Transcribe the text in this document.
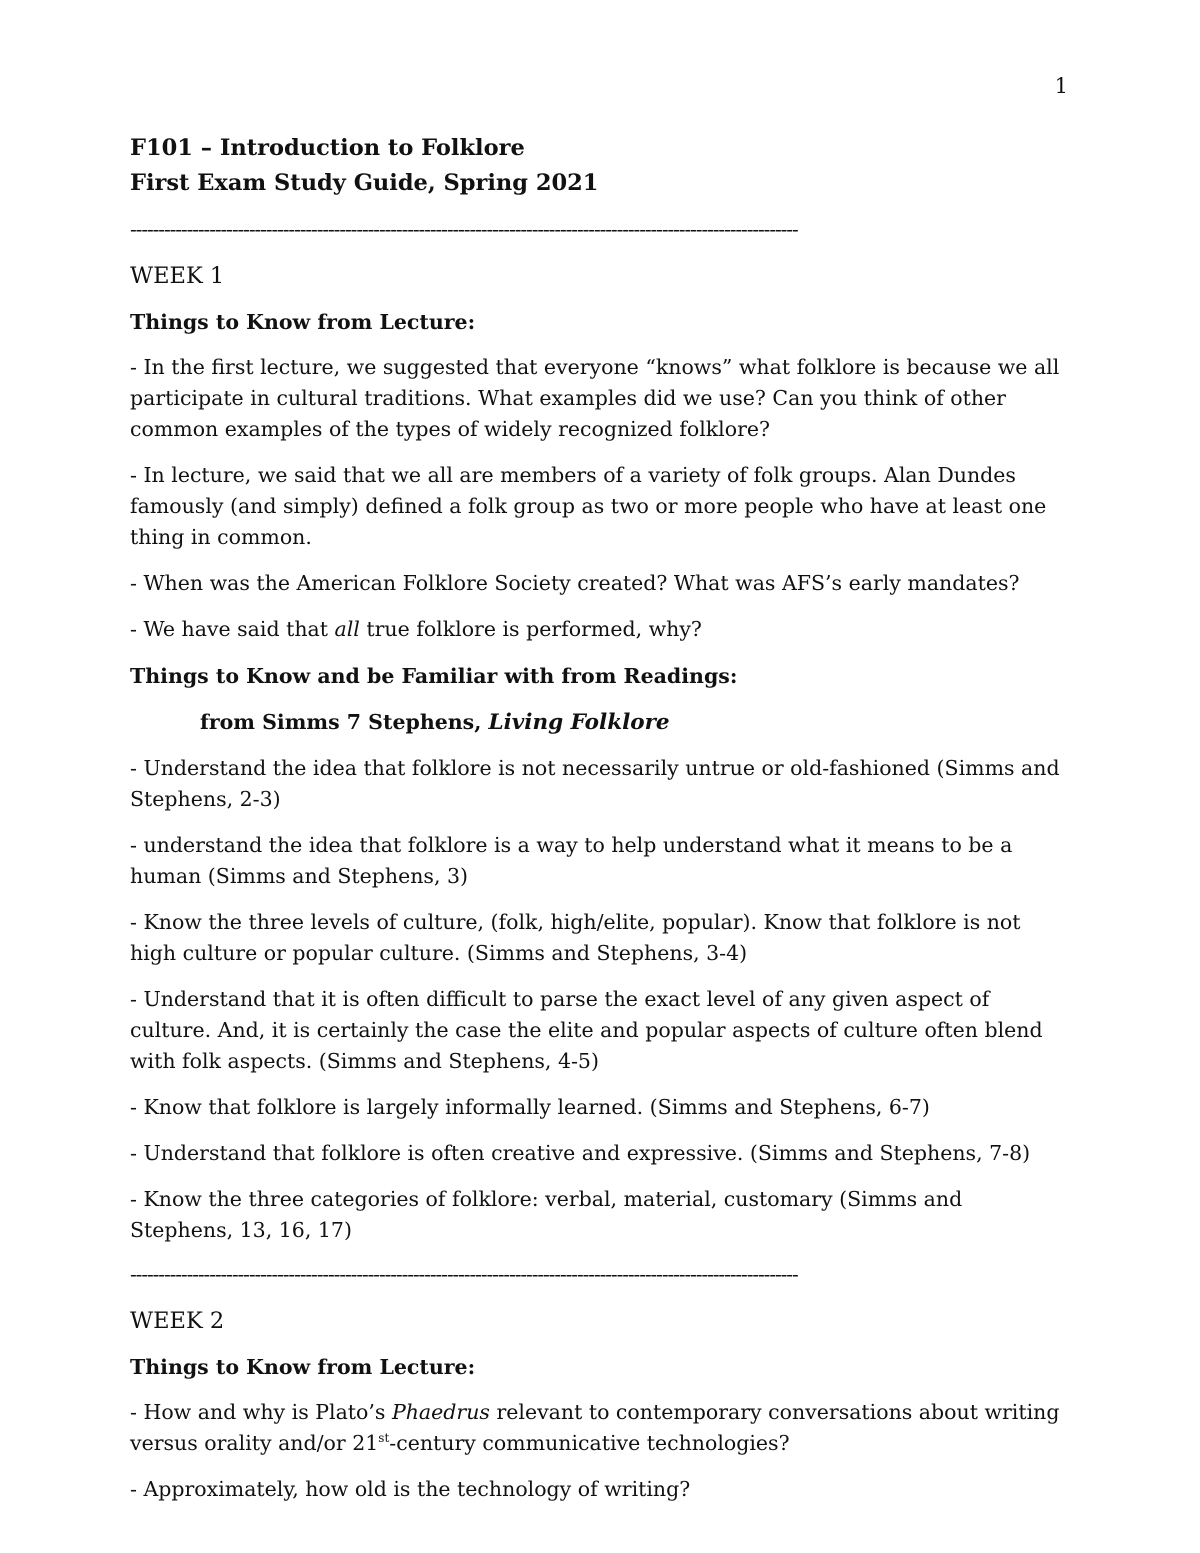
1

F101 – Introduction to Folklore

First Exam Study Guide, Spring 2021

----------------------------------------------------------------------------------------------------------------------

WEEK 1

Things to Know from Lecture:

- In the first lecture, we suggested that everyone “knows” what folklore is because we all participate in cultural traditions. What examples did we use? Can you think of other common examples of the types of widely recognized folklore?

- In lecture, we said that we all are members of a variety of folk groups. Alan Dundes famously (and simply) defined a folk group as two or more people who have at least one thing in common.

- When was the American Folklore Society created? What was AFS’s early mandates?

- We have said that all true folklore is performed, why?

Things to Know and be Familiar with from Readings:

from Simms 7 Stephens, Living Folklore

- Understand the idea that folklore is not necessarily untrue or old-fashioned (Simms and Stephens, 2-3)

- understand the idea that folklore is a way to help understand what it means to be a human (Simms and Stephens, 3)

- Know the three levels of culture, (folk, high/elite, popular). Know that folklore is not high culture or popular culture. (Simms and Stephens, 3-4)

- Understand that it is often difficult to parse the exact level of any given aspect of culture. And, it is certainly the case the elite and popular aspects of culture often blend with folk aspects. (Simms and Stephens, 4-5)

- Know that folklore is largely informally learned. (Simms and Stephens, 6-7)

- Understand that folklore is often creative and expressive. (Simms and Stephens, 7-8)

- Know the three categories of folklore: verbal, material, customary (Simms and Stephens, 13, 16, 17)

----------------------------------------------------------------------------------------------------------------------

WEEK 2

Things to Know from Lecture:

- How and why is Plato’s Phaedrus relevant to contemporary conversations about writing versus orality and/or 21st-century communicative technologies?

- Approximately, how old is the technology of writing?
